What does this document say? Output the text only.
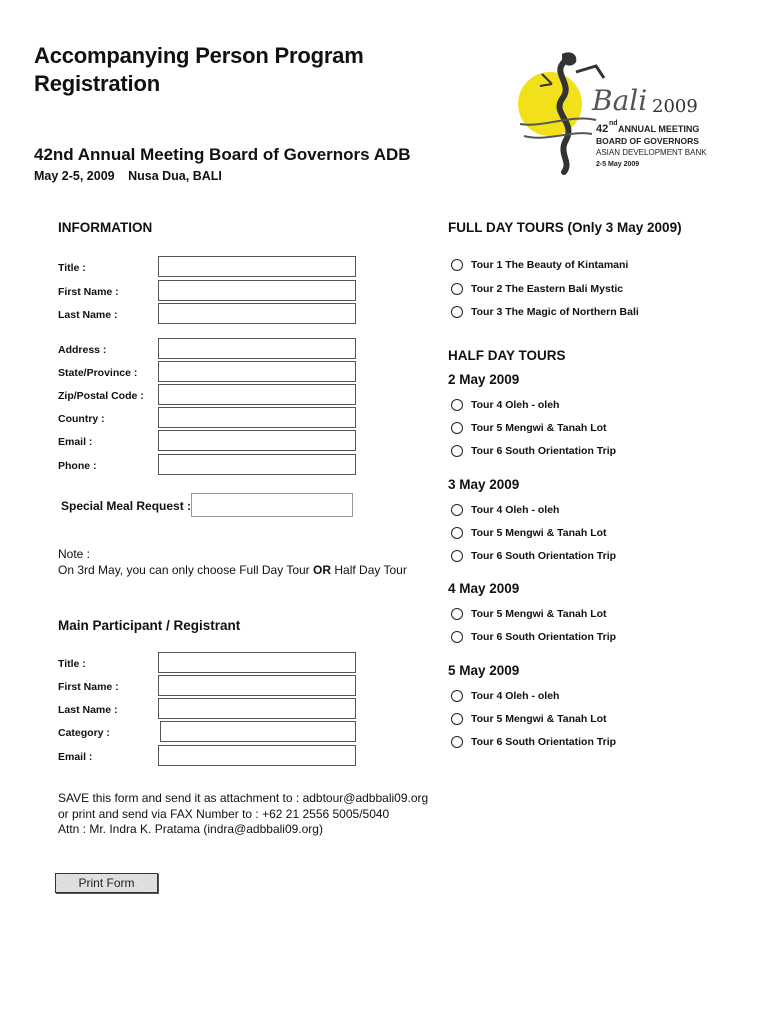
Accompanying Person Program
Registration
42nd Annual Meeting Board of Governors ADB
May 2-5, 2009 Nusa Dua, BALI
Bali 2009
42 nd
ANNUAL MEETING
BOARD OF GOVERNORS
ASIAN DEVELOPMENT BANK
2-5 May 2009
INFORMATION
Title :
First Name :
Last Name :
Address :
State/Province :
Zip/Postal Code :
Country :
Email :
Phone :
Special Meal Request :
Note :
On 3rd May, you can only choose Full Day Tour OR Half Day Tour
Main Participant / Registrant
Title :
First Name :
Last Name :
Category :
Email :
SAVE this form and send it as attachment to : adbtour@adbbali09.org
or print and send via FAX Number to : +62 21 2556 5005/5040
Attn : Mr. Indra K. Pratama (indra@adbbali09.org)
Print Form
FULL DAY TOURS (Only 3 May 2009)
Tour 1 The Beauty of Kintamani
Tour 2 The Eastern Bali Mystic
Tour 3 The Magic of Northern Bali
HALF DAY TOURS
2 May 2009
Tour 4 Oleh - oleh
Tour 5 Mengwi & Tanah Lot
Tour 6 South Orientation Trip
3 May 2009
Tour 4 Oleh - oleh
Tour 5 Mengwi & Tanah Lot
Tour 6 South Orientation Trip
4 May 2009
Tour 5 Mengwi & Tanah Lot
Tour 6 South Orientation Trip
5 May 2009
Tour 4 Oleh - oleh
Tour 5 Mengwi & Tanah Lot
Tour 6 South Orientation Trip
